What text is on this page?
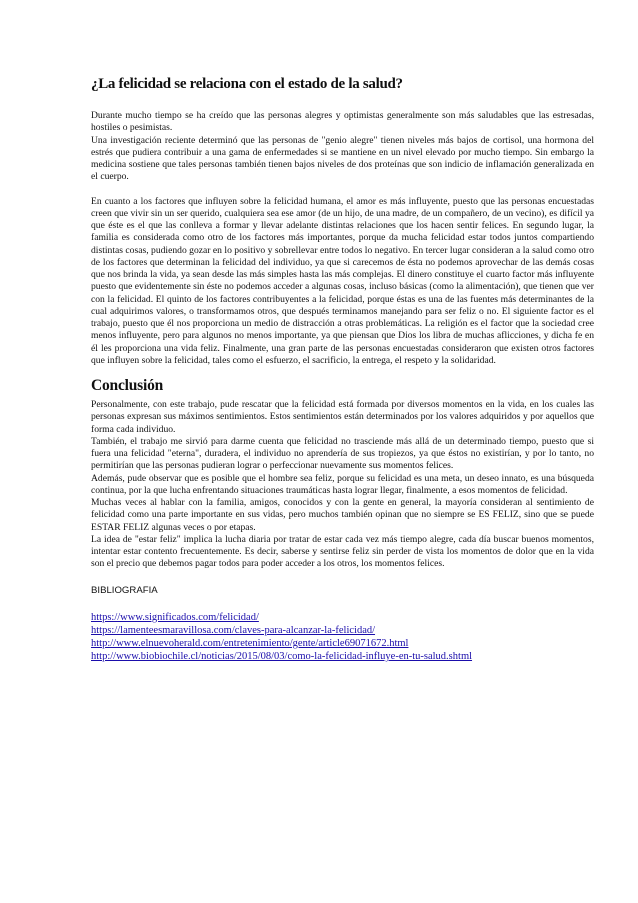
¿La felicidad se relaciona con el estado de la salud?

Durante mucho tiempo se ha creído que las personas alegres y optimistas generalmente son más saludables que las estresadas, hostiles o pesimistas.

Una investigación reciente determinó que las personas de "genio alegre" tienen niveles más bajos de cortisol, una hormona del estrés que pudiera contribuir a una gama de enfermedades si se mantiene en un nivel elevado por mucho tiempo. Sin embargo la medicina sostiene que tales personas también tienen bajos niveles de dos proteínas que son indicio de inflamación generalizada en el cuerpo.

En cuanto a los factores que influyen sobre la felicidad humana, el amor es más influyente, puesto que las personas encuestadas creen que vivir sin un ser querido, cualquiera sea ese amor (de un hijo, de una madre, de un compañero, de un vecino), es difícil ya que éste es el que las conlleva a formar y llevar adelante distintas relaciones que los hacen sentir felices. En segundo lugar, la familia es considerada como otro de los factores más importantes, porque da mucha felicidad estar todos juntos compartiendo distintas cosas, pudiendo gozar en lo positivo y sobrellevar entre todos lo negativo. En tercer lugar consideran a la salud como otro de los factores que determinan la felicidad del individuo, ya que si carecemos de ésta no podemos aprovechar de las demás cosas que nos brinda la vida, ya sean desde las más simples hasta las más complejas. El dinero constituye el cuarto factor más influyente puesto que evidentemente sin éste no podemos acceder a algunas cosas, incluso básicas (como la alimentación), que tienen que ver con la felicidad. El quinto de los factores contribuyentes a la felicidad, porque éstas es una de las fuentes más determinantes de la cual adquirimos valores, o transformamos otros, que después terminamos manejando para ser feliz o no. El siguiente factor es el trabajo, puesto que él nos proporciona un medio de distracción a otras problemáticas. La religión es el factor que la sociedad cree menos influyente, pero para algunos no menos importante, ya que piensan que Dios los libra de muchas aflicciones, y dicha fe en él les proporciona una vida feliz. Finalmente, una gran parte de las personas encuestadas consideraron que existen otros factores que influyen sobre la felicidad, tales como el esfuerzo, el sacrificio, la entrega, el respeto y la solidaridad.

Conclusión

Personalmente, con este trabajo, pude rescatar que la felicidad está formada por diversos momentos en la vida, en los cuales las personas expresan sus máximos sentimientos. Estos sentimientos están determinados por los valores adquiridos y por aquellos que forma cada individuo.

También, el trabajo me sirvió para darme cuenta que felicidad no trasciende más allá de un determinado tiempo, puesto que si fuera una felicidad "eterna", duradera, el individuo no aprendería de sus tropiezos, ya que éstos no existirían, y por lo tanto, no permitirían que las personas pudieran lograr o perfeccionar nuevamente sus momentos felices.

Además, pude observar que es posible que el hombre sea feliz, porque su felicidad es una meta, un deseo innato, es una búsqueda continua, por la que lucha enfrentando situaciones traumáticas hasta lograr llegar, finalmente, a esos momentos de felicidad.

Muchas veces al hablar con la familia, amigos, conocidos y con la gente en general, la mayoría consideran al sentimiento de felicidad como una parte importante en sus vidas, pero muchos también opinan que no siempre se ES FELIZ, sino que se puede ESTAR FELIZ algunas veces o por etapas.

La idea de "estar feliz" implica la lucha diaria por tratar de estar cada vez más tiempo alegre, cada día buscar buenos momentos, intentar estar contento frecuentemente. Es decir, saberse y sentirse feliz sin perder de vista los momentos de dolor que en la vida son el precio que debemos pagar todos para poder acceder a los otros, los momentos felices.

BIBLIOGRAFIA
https://www.significados.com/felicidad/
https://lamenteesmaravillosa.com/claves-para-alcanzar-la-felicidad/
http://www.elnuevoherald.com/entretenimiento/gente/article69071672.html
http://www.biobiochile.cl/noticias/2015/08/03/como-la-felicidad-influye-en-tu-salud.shtml
